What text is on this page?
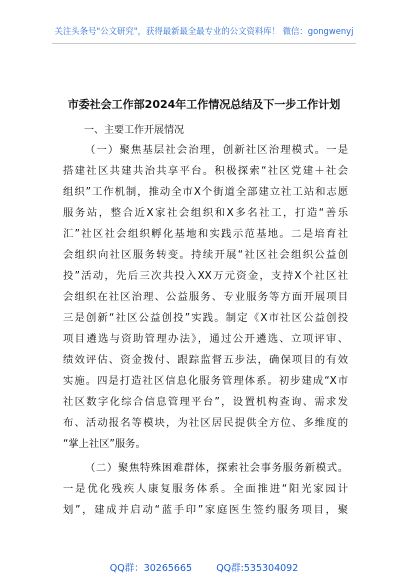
关注头条号"公文研究"，获得最新最全最专业的公文资料库！ 微信：gongwenyj
市委社会工作部2024年工作情况总结及下一步工作计划
一、主要工作开展情况
（一）聚焦基层社会治理，创新社区治理模式。一是
搭建社区共建共治共享平台。积极探索“社区党建＋社会
组织”工作机制，推动全市X个街道全部建立社工站和志愿
服务站，整合近X家社会组织和X多名社工，打造“善乐
汇”社区社会组织孵化基地和实践示范基地。二是培育社
会组织向社区服务转变。持续开展“社区社会组织公益创
投”活动，先后三次共投入XX万元资金，支持X个社区社
会组织在社区治理、公益服务、专业服务等方面开展项目
三是创新“社区公益创投”实践。制定《X市社区公益创投
项目遴选与资助管理办法》，通过公开遴选、立项评审、
绩效评估、资金拨付、跟踪监督五步法，确保项目的有效
实施。四是打造社区信息化服务管理体系。初步建成“X市
社区数字化综合信息管理平台”，设置机构查询、需求发
布、活动报名等模块，为社区居民提供全方位、多维度的
“掌上社区”服务。
（二）聚焦特殊困难群体，探索社会事务服务新模式。
一是优化残疾人康复服务体系。全面推进“阳光家园计
划”，建成并启动“蓝手印”家庭医生签约服务项目，聚
QQ群：30265665        QQ群:535304092
